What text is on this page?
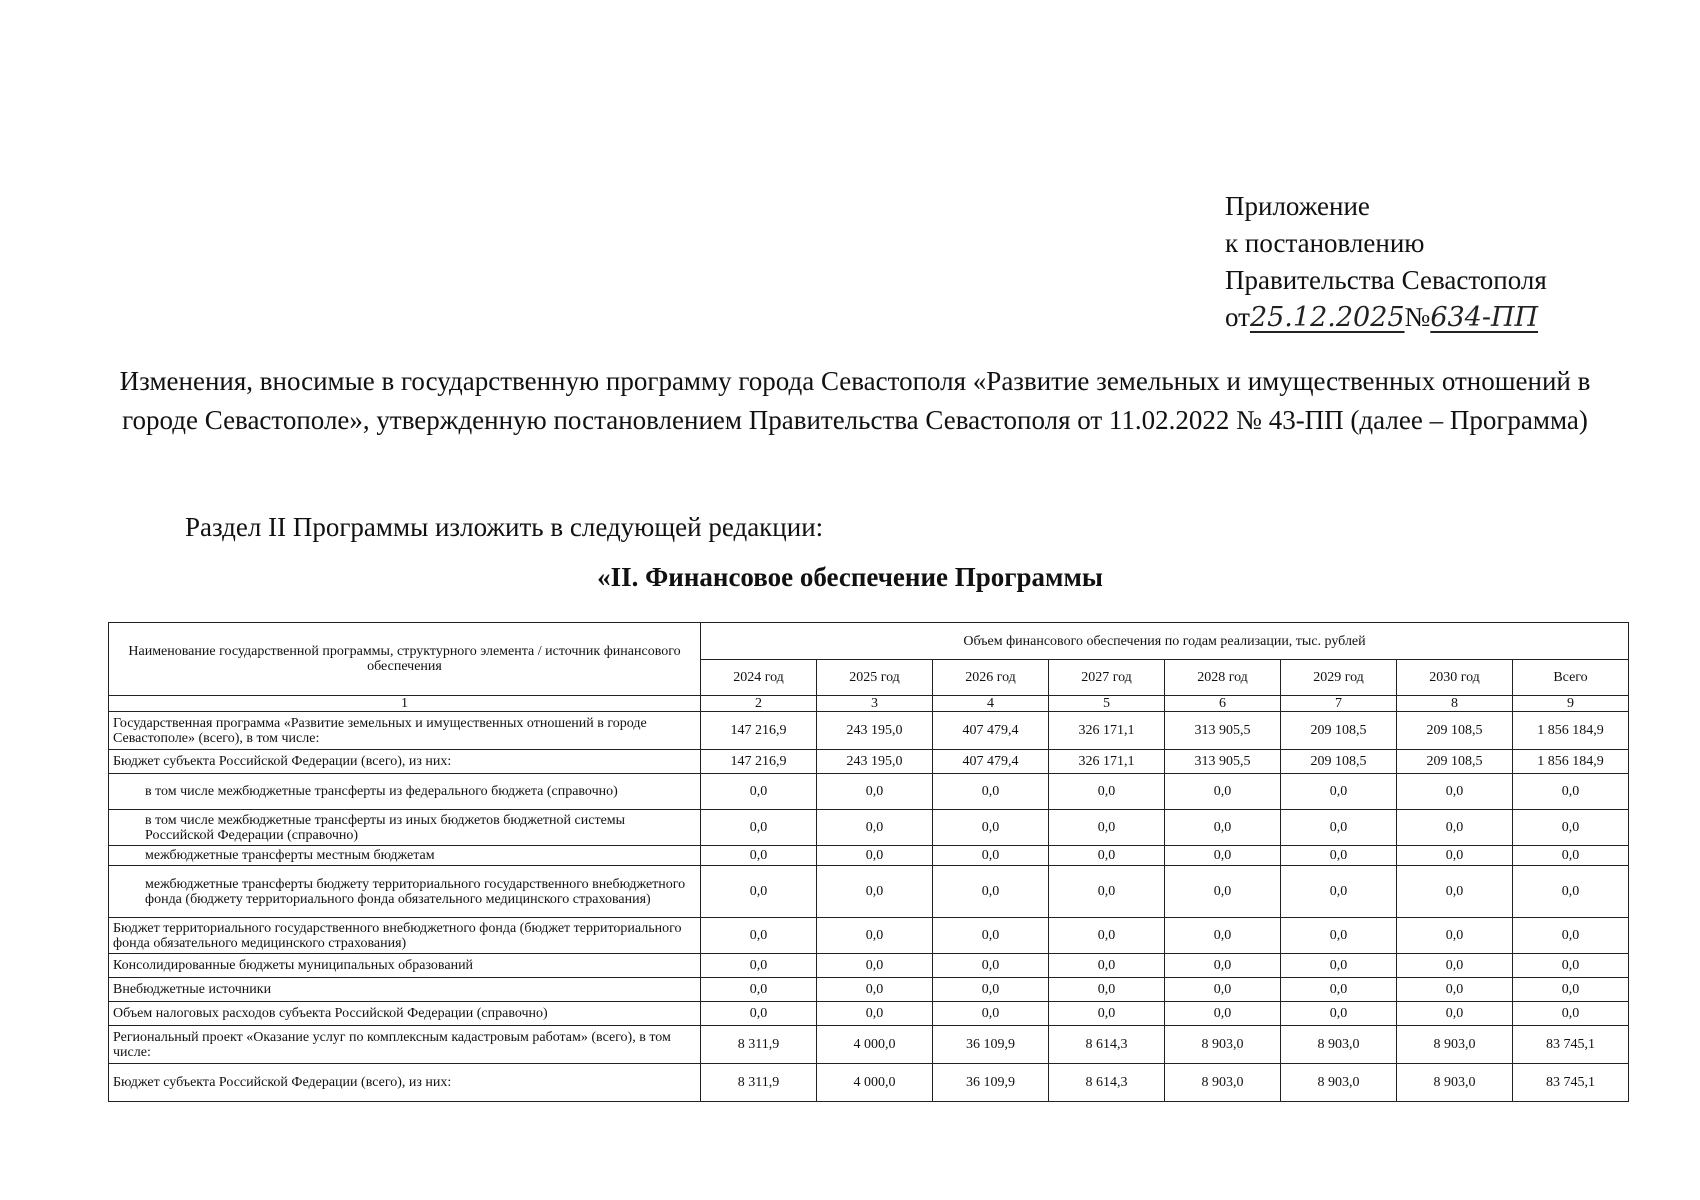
Приложение
к постановлению
Правительства Севастополя
от25.12.2025№634-ПП
Изменения, вносимые в государственную программу города Севастополя «Развитие земельных и имущественных отношений в городе Севастополе», утвержденную постановлением Правительства Севастополя от 11.02.2022 № 43-ПП (далее – Программа)
Раздел II Программы изложить в следующей редакции:
«II. Финансовое обеспечение Программы
Наименование государственной программы, структурного элемента / источник финансового обеспечения	Объем финансового обеспечения по годам реализации, тыс. рублей							
	2024 год	2025 год	2026 год	2027 год	2028 год	2029 год	2030 год	Всего
1	2	3	4	5	6	7	8	9
Государственная программа «Развитие земельных и имущественных отношений в городе Севастополе» (всего), в том числе:	147 216,9	243 195,0	407 479,4	326 171,1	313 905,5	209 108,5	209 108,5	1 856 184,9
Бюджет субъекта Российской Федерации (всего), из них:	147 216,9	243 195,0	407 479,4	326 171,1	313 905,5	209 108,5	209 108,5	1 856 184,9
в том числе межбюджетные трансферты из федерального бюджета (справочно)	0,0	0,0	0,0	0,0	0,0	0,0	0,0	0,0
в том числе межбюджетные трансферты из иных бюджетов бюджетной системы Российской Федерации (справочно)	0,0	0,0	0,0	0,0	0,0	0,0	0,0	0,0
межбюджетные трансферты местным бюджетам	0,0	0,0	0,0	0,0	0,0	0,0	0,0	0,0
межбюджетные трансферты бюджету территориального государственного внебюджетного фонда (бюджету территориального фонда обязательного медицинского страхования)	0,0	0,0	0,0	0,0	0,0	0,0	0,0	0,0
Бюджет территориального государственного внебюджетного фонда (бюджет территориального фонда обязательного медицинского страхования)	0,0	0,0	0,0	0,0	0,0	0,0	0,0	0,0
Консолидированные бюджеты муниципальных образований	0,0	0,0	0,0	0,0	0,0	0,0	0,0	0,0
Внебюджетные источники	0,0	0,0	0,0	0,0	0,0	0,0	0,0	0,0
Объем налоговых расходов субъекта Российской Федерации (справочно)	0,0	0,0	0,0	0,0	0,0	0,0	0,0	0,0
Региональный проект «Оказание услуг по комплексным кадастровым работам» (всего), в том числе:	8 311,9	4 000,0	36 109,9	8 614,3	8 903,0	8 903,0	8 903,0	83 745,1
Бюджет субъекта Российской Федерации (всего), из них:	8 311,9	4 000,0	36 109,9	8 614,3	8 903,0	8 903,0	8 903,0	83 745,1
